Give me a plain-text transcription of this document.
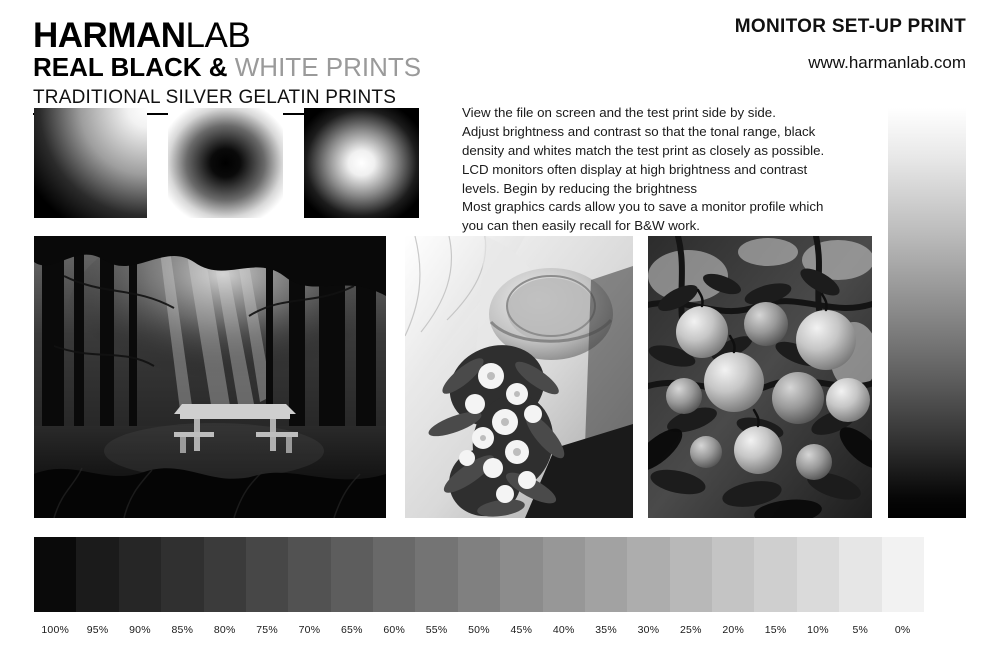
HARMANLAB
REAL BLACK & WHITE PRINTS
TRADITIONAL SILVER GELATIN PRINTS
MONITOR SET-UP PRINT
www.harmanlab.com

View the file on screen and the test print side by side.

Adjust brightness and contrast so that the tonal range, black

density and whites match the test print as closely as possible.

LCD monitors often display at high brightness and contrast

levels. Begin by reducing the brightness

Most graphics cards allow you to save a monitor profile which

you can then easily recall for B&W work.

100%	95%	90%	85%	80%	75%	70%	65%	60%	55%	50%	45%	40%	35%	30%	25%	20%	15%	10%	5%	0%
